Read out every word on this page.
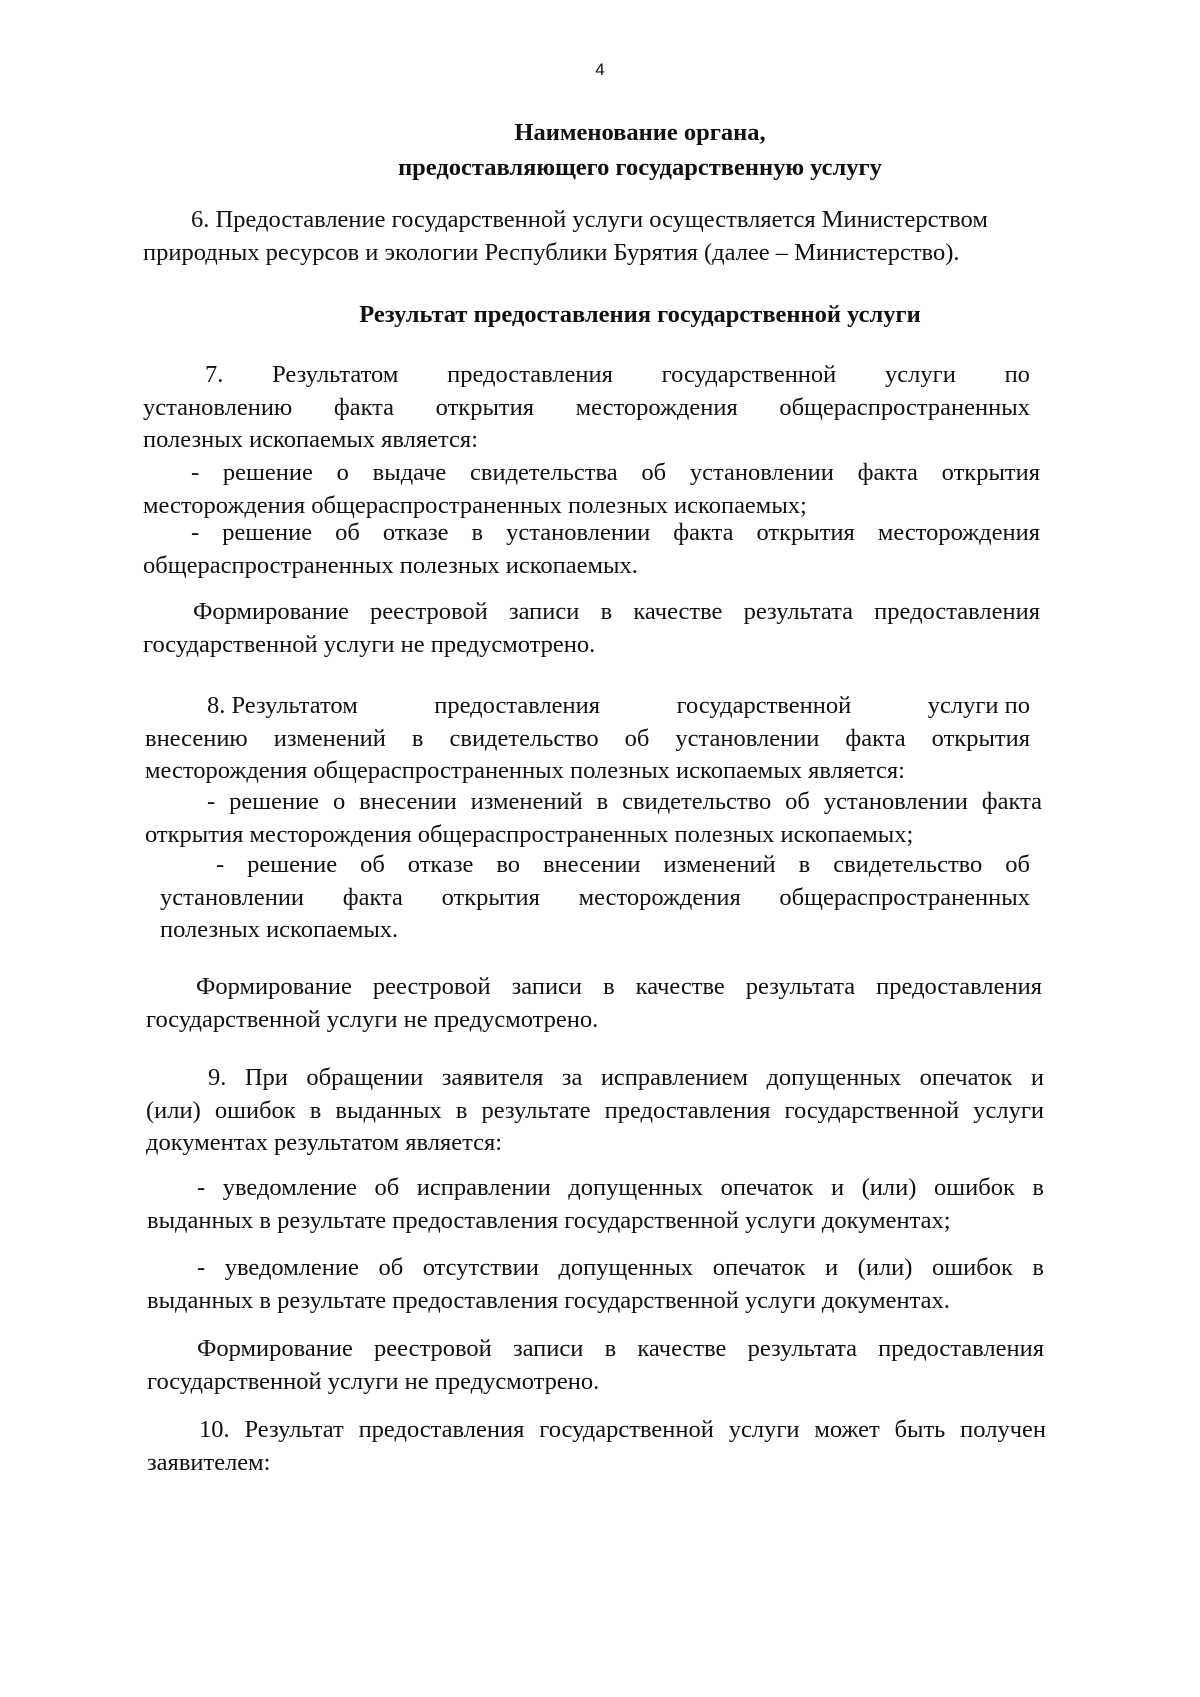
4
Наименование органа,
предоставляющего государственную услугу
6. Предоставление государственной услуги осуществляется Министерством
природных ресурсов и экологии Республики Бурятия (далее – Министерство).
Результат предоставления государственной услуги
7. Результатом предоставления государственной услуги по
установлению факта открытия месторождения общераспространенных
полезных ископаемых является:
- решение о выдаче свидетельства об установлении факта открытия
месторождения общераспространенных полезных ископаемых;
- решение об отказе в установлении факта открытия месторождения
общераспространенных полезных ископаемых.
Формирование реестровой записи в качестве результата предоставления
государственной услуги не предусмотрено.
8. Результатом	предоставления	государственной	услуги по
внесению изменений в свидетельство об установлении факта открытия
месторождения общераспространенных полезных ископаемых является:
- решение о внесении изменений в свидетельство об установлении факта
открытия месторождения общераспространенных полезных ископаемых;
- решение об отказе во внесении изменений в свидетельство об
установлении факта открытия месторождения общераспространенных
полезных ископаемых.
Формирование реестровой записи в качестве результата предоставления
государственной услуги не предусмотрено.
9. При обращении заявителя за исправлением допущенных опечаток и
(или) ошибок в выданных в результате предоставления государственной услуги
документах результатом является:
- уведомление об исправлении допущенных опечаток и (или) ошибок в
выданных в результате предоставления государственной услуги документах;
- уведомление об отсутствии допущенных опечаток и (или) ошибок в
выданных в результате предоставления государственной услуги документах.
Формирование реестровой записи в качестве результата предоставления
государственной услуги не предусмотрено.
10. Результат предоставления государственной услуги может быть получен
заявителем:
